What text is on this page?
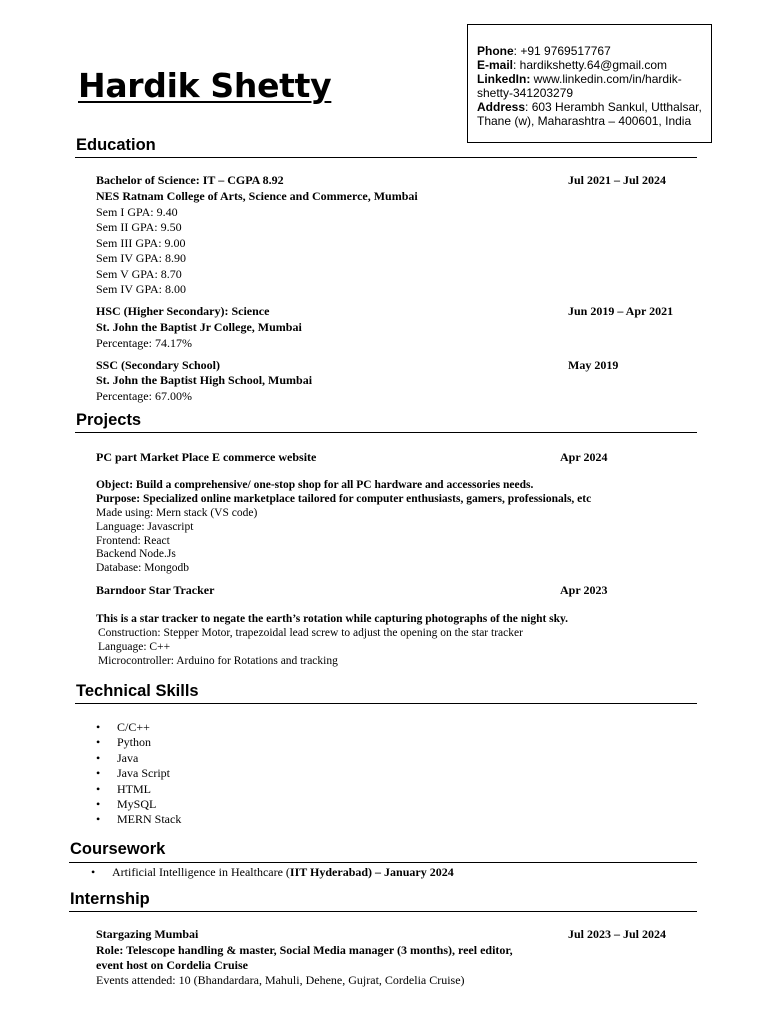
Phone: +91 9769517767
E-mail: hardikshetty.64@gmail.com
LinkedIn: www.linkedin.com/in/hardik-
shetty-341203279
Address: 603 Herambh Sankul, Utthalsar,
Thane (w), Maharashtra – 400601, India
Hardik Shetty
Education
Bachelor of Science: IT – CGPA 8.92	Jul 2021 – Jul 2024
NES Ratnam College of Arts, Science and Commerce, Mumbai
Sem I GPA: 9.40
Sem II GPA: 9.50
Sem III GPA: 9.00
Sem IV GPA: 8.90
Sem V GPA: 8.70
Sem IV GPA: 8.00
HSC (Higher Secondary): Science	Jun 2019 – Apr 2021
St. John the Baptist Jr College, Mumbai
Percentage: 74.17%
SSC (Secondary School)	May 2019
St. John the Baptist High School, Mumbai
Percentage: 67.00%
Projects
PC part Market Place E commerce website	Apr 2024
Object: Build a comprehensive/ one-stop shop for all PC hardware and accessories needs.
Purpose: Specialized online marketplace tailored for computer enthusiasts, gamers, professionals, etc
Made using: Mern stack (VS code)
Language: Javascript
Frontend: React
Backend Node.Js
Database: Mongodb
Barndoor Star Tracker	Apr 2023
This is a star tracker to negate the earth’s rotation while capturing photographs of the night sky.
Construction: Stepper Motor, trapezoidal lead screw to adjust the opening on the star tracker
Language: C++
Microcontroller: Arduino for Rotations and tracking
Technical Skills
• C/C++
• Python
• Java
• Java Script
• HTML
• MySQL
• MERN Stack
Coursework
• Artificial Intelligence in Healthcare (IIT Hyderabad) – January 2024
Internship
Stargazing Mumbai	Jul 2023 – Jul 2024
Role: Telescope handling & master, Social Media manager (3 months), reel editor,
event host on Cordelia Cruise
Events attended: 10 (Bhandardara, Mahuli, Dehene, Gujrat, Cordelia Cruise)
